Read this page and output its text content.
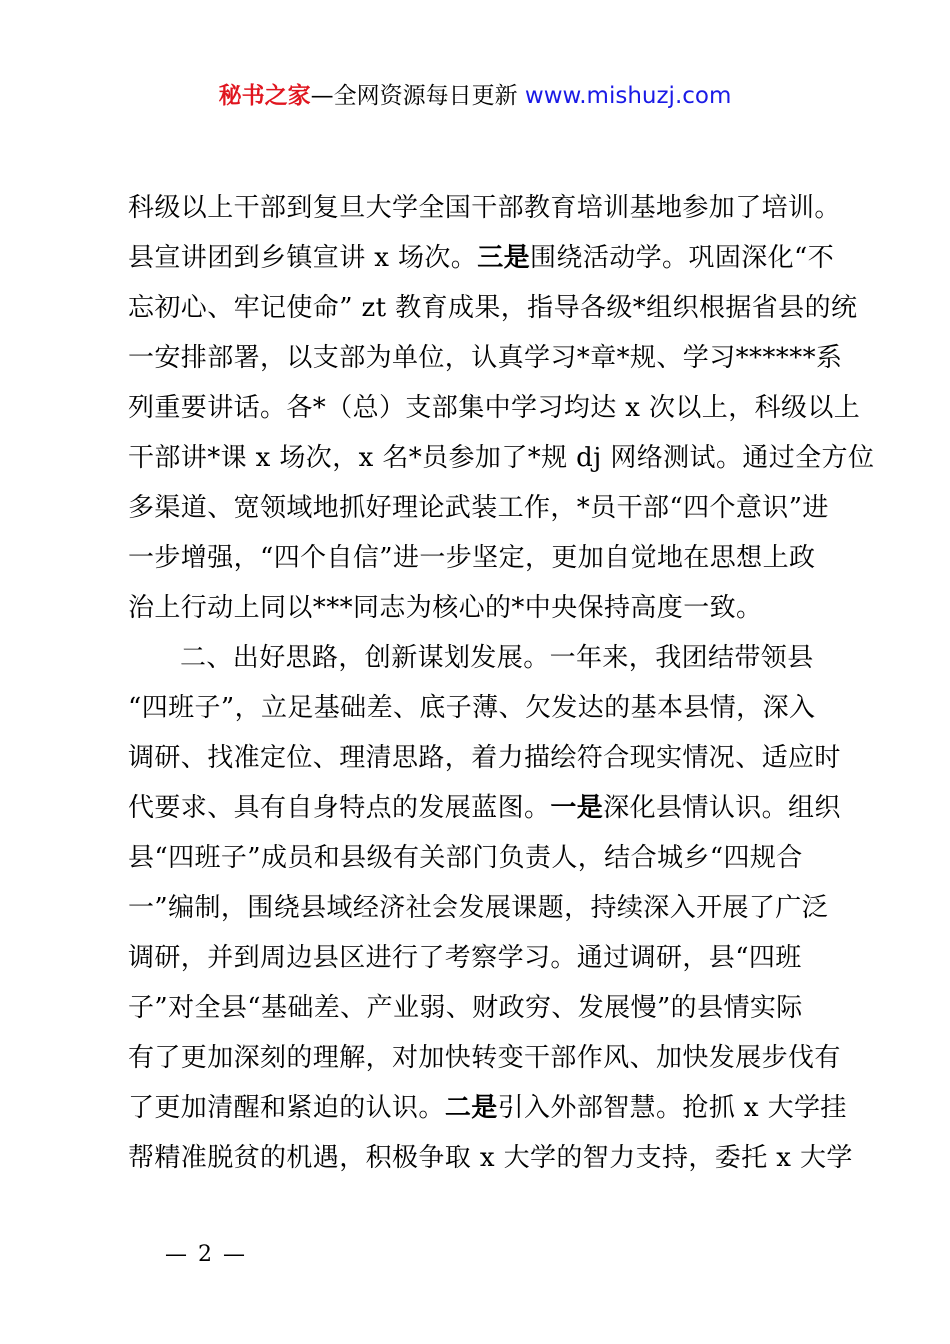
秘书之家—全网资源每日更新 www.mishuzj.com
科级以上干部到复旦大学全国干部教育培训基地参加了培训。
县宣讲团到乡镇宣讲 x 场次。三是围绕活动学。巩固深化“不
忘初心、牢记使命” zt 教育成果，指导各级*组织根据省县的统
一安排部署，以支部为单位，认真学习*章*规、学习******系
列重要讲话。各*（总）支部集中学习均达 x 次以上，科级以上
干部讲*课 x 场次，x 名*员参加了*规 dj 网络测试。通过全方位
多渠道、宽领域地抓好理论武装工作，*员干部“四个意识”进
一步增强，“四个自信”进一步坚定，更加自觉地在思想上政
治上行动上同以***同志为核心的*中央保持高度一致。
二、出好思路，创新谋划发展。一年来，我团结带领县
“四班子”，立足基础差、底子薄、欠发达的基本县情，深入
调研、找准定位、理清思路，着力描绘符合现实情况、适应时
代要求、具有自身特点的发展蓝图。一是深化县情认识。组织
县“四班子”成员和县级有关部门负责人，结合城乡“四规合
一”编制，围绕县域经济社会发展课题，持续深入开展了广泛
调研，并到周边县区进行了考察学习。通过调研，县“四班
子”对全县“基础差、产业弱、财政穷、发展慢”的县情实际
有了更加深刻的理解，对加快转变干部作风、加快发展步伐有
了更加清醒和紧迫的认识。二是引入外部智慧。抢抓 x 大学挂
帮精准脱贫的机遇，积极争取 x 大学的智力支持，委托 x 大学
— 2 —
